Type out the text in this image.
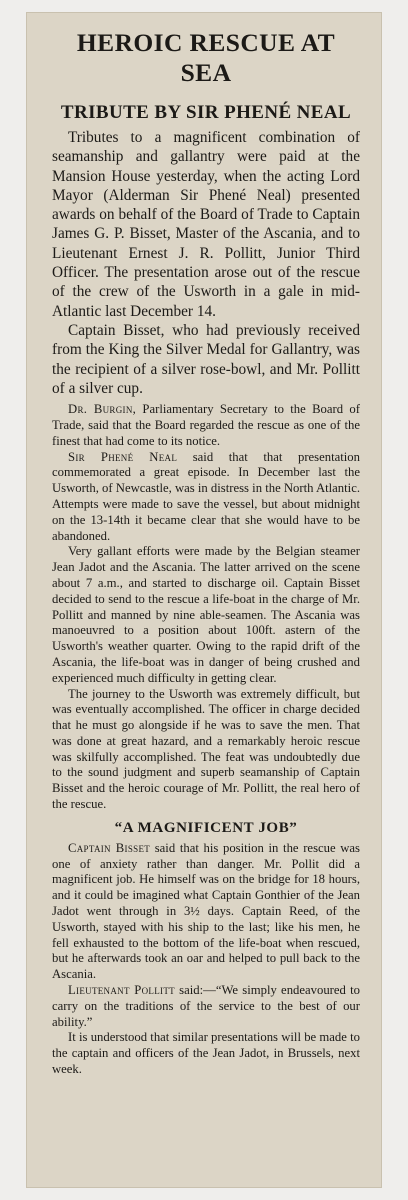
HEROIC RESCUE AT SEA
TRIBUTE BY SIR PHENÉ NEAL

Tributes to a magnificent combination of seamanship and gallantry were paid at the Mansion House yesterday, when the acting Lord Mayor (Alderman Sir Phené Neal) presented awards on behalf of the Board of Trade to Captain James G. P. Bisset, Master of the Ascania, and to Lieutenant Ernest J. R. Pollitt, Junior Third Officer. The presentation arose out of the rescue of the crew of the Usworth in a gale in mid-Atlantic last December 14.

Captain Bisset, who had previously received from the King the Silver Medal for Gallantry, was the recipient of a silver rose-bowl, and Mr. Pollitt of a silver cup.

Dr. Burgin, Parliamentary Secretary to the Board of Trade, said that the Board regarded the rescue as one of the finest that had come to its notice.

Sir Phené Neal said that that presentation commemorated a great episode. In December last the Usworth, of Newcastle, was in distress in the North Atlantic. Attempts were made to save the vessel, but about midnight on the 13-14th it became clear that she would have to be abandoned.

Very gallant efforts were made by the Belgian steamer Jean Jadot and the Ascania. The latter arrived on the scene about 7 a.m., and started to discharge oil. Captain Bisset decided to send to the rescue a life-boat in the charge of Mr. Pollitt and manned by nine able-seamen. The Ascania was manoeuvred to a position about 100ft. astern of the Usworth's weather quarter. Owing to the rapid drift of the Ascania, the life-boat was in danger of being crushed and experienced much difficulty in getting clear.

The journey to the Usworth was extremely difficult, but was eventually accomplished. The officer in charge decided that he must go alongside if he was to save the men. That was done at great hazard, and a remarkably heroic rescue was skilfully accomplished. The feat was undoubtedly due to the sound judgment and superb seamanship of Captain Bisset and the heroic courage of Mr. Pollitt, the real hero of the rescue.

“A MAGNIFICENT JOB”

Captain Bisset said that his position in the rescue was one of anxiety rather than danger. Mr. Pollit did a magnificent job. He himself was on the bridge for 18 hours, and it could be imagined what Captain Gonthier of the Jean Jadot went through in 3½ days. Captain Reed, of the Usworth, stayed with his ship to the last; like his men, he fell exhausted to the bottom of the life-boat when rescued, but he afterwards took an oar and helped to pull back to the Ascania.

Lieutenant Pollitt said:—“We simply endeavoured to carry on the traditions of the service to the best of our ability.”

It is understood that similar presentations will be made to the captain and officers of the Jean Jadot, in Brussels, next week.
